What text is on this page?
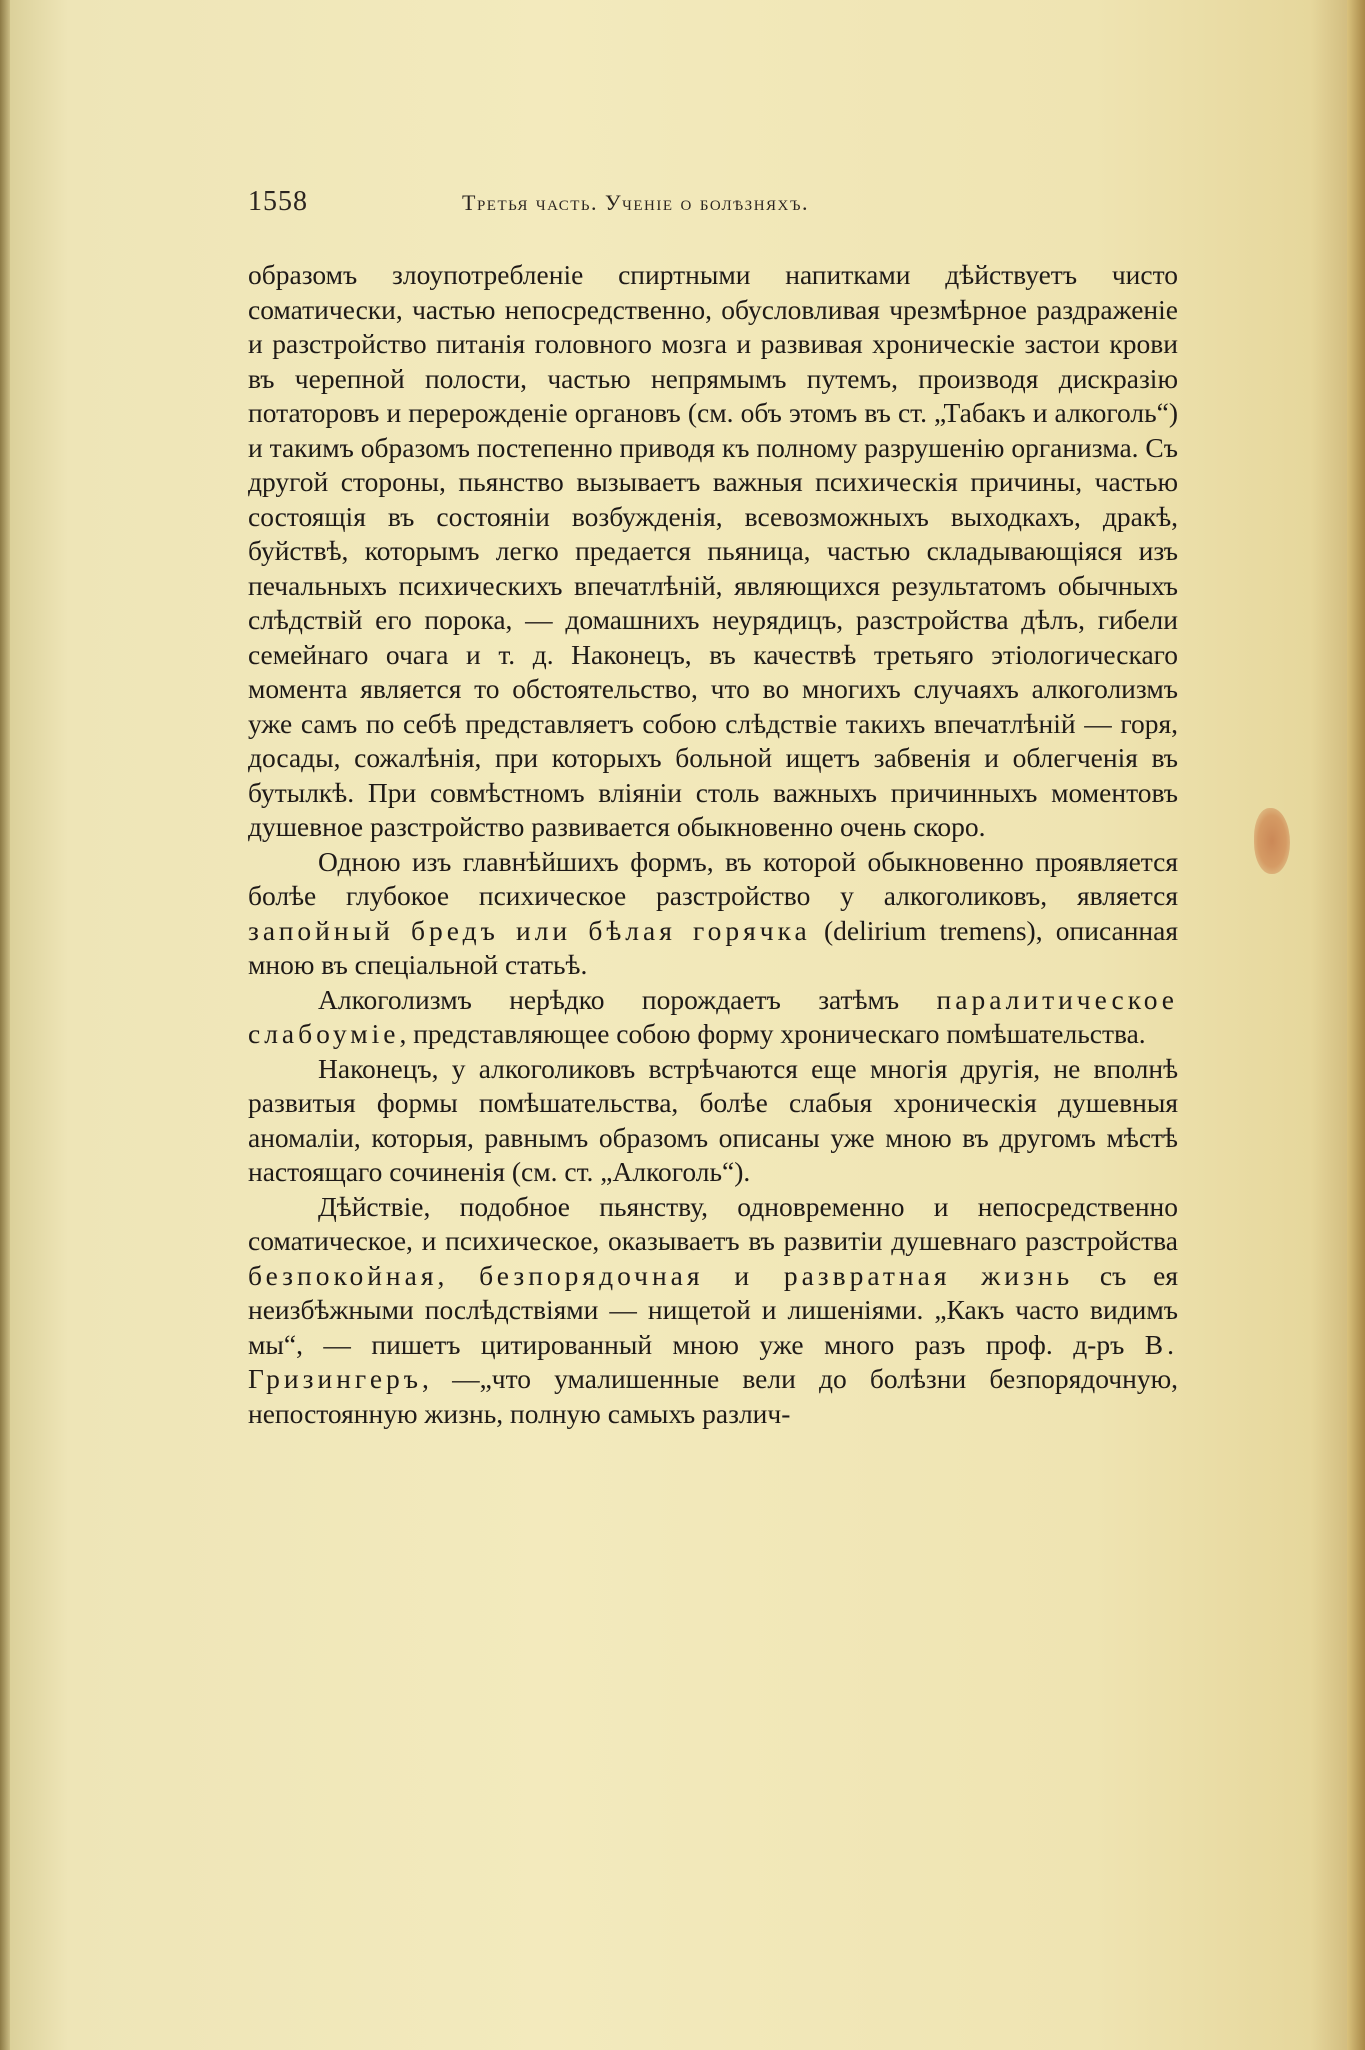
1558	Третья часть. Ученіе о болѣзняхъ.

образомъ злоупотребленіе спиртными напитками дѣйствуетъ чисто соматически, частью непосредственно, обусловливая чрезмѣрное раздраженіе и разстройство питанія головного мозга и развивая хроническіе застои крови въ черепной полости, частью непрямымъ путемъ, производя дискразію потаторовъ и перерожденіе органовъ (см. объ этомъ въ ст. „Табакъ и алкоголь“) и такимъ образомъ постепенно приводя къ полному разрушенію организма. Съ другой стороны, пьянство вызываетъ важныя психическія причины, частью состоящія въ состояніи возбужденія, всевозможныхъ выходкахъ, дракѣ, буйствѣ, которымъ легко предается пьяница, частью складывающіяся изъ печальныхъ психическихъ впечатлѣній, являющихся результатомъ обычныхъ слѣдствій его порока, — домашнихъ неурядицъ, разстройства дѣлъ, гибели семейнаго очага и т. д. Наконецъ, въ качествѣ третьяго этіологическаго момента является то обстоятельство, что во многихъ случаяхъ алкоголизмъ уже самъ по себѣ представляетъ собою слѣдствіе такихъ впечатлѣній — горя, досады, сожалѣнія, при которыхъ больной ищетъ забвенія и облегченія въ бутылкѣ. При совмѣстномъ вліяніи столь важныхъ причинныхъ моментовъ душевное разстройство развивается обыкновенно очень скоро.

Одною изъ главнѣйшихъ формъ, въ которой обыкновенно проявляется болѣе глубокое психическое разстройство у алкоголиковъ, является запойный бредъ или бѣлая горячка (delirium tremens), описанная мною въ спеціальной статьѣ.

Алкоголизмъ нерѣдко порождаетъ затѣмъ паралитическое слабоуміе, представляющее собою форму хроническаго помѣшательства.

Наконецъ, у алкоголиковъ встрѣчаются еще многія другія, не вполнѣ развитыя формы помѣшательства, болѣе слабыя хроническія душевныя аномаліи, которыя, равнымъ образомъ описаны уже мною въ другомъ мѣстѣ настоящаго сочиненія (см. ст. „Алкоголь“).

Дѣйствіе, подобное пьянству, одновременно и непосредственно соматическое, и психическое, оказываетъ въ развитіи душевнаго разстройства безпокойная, безпорядочная и развратная жизнь съ ея неизбѣжными послѣдствіями — нищетой и лишеніями. „Какъ часто видимъ мы“, — пишетъ цитированный мною уже много разъ проф. д-ръ В. Гризингеръ, —„что умалишенные вели до болѣзни безпорядочную, непостоянную жизнь, полную самыхъ различ-
